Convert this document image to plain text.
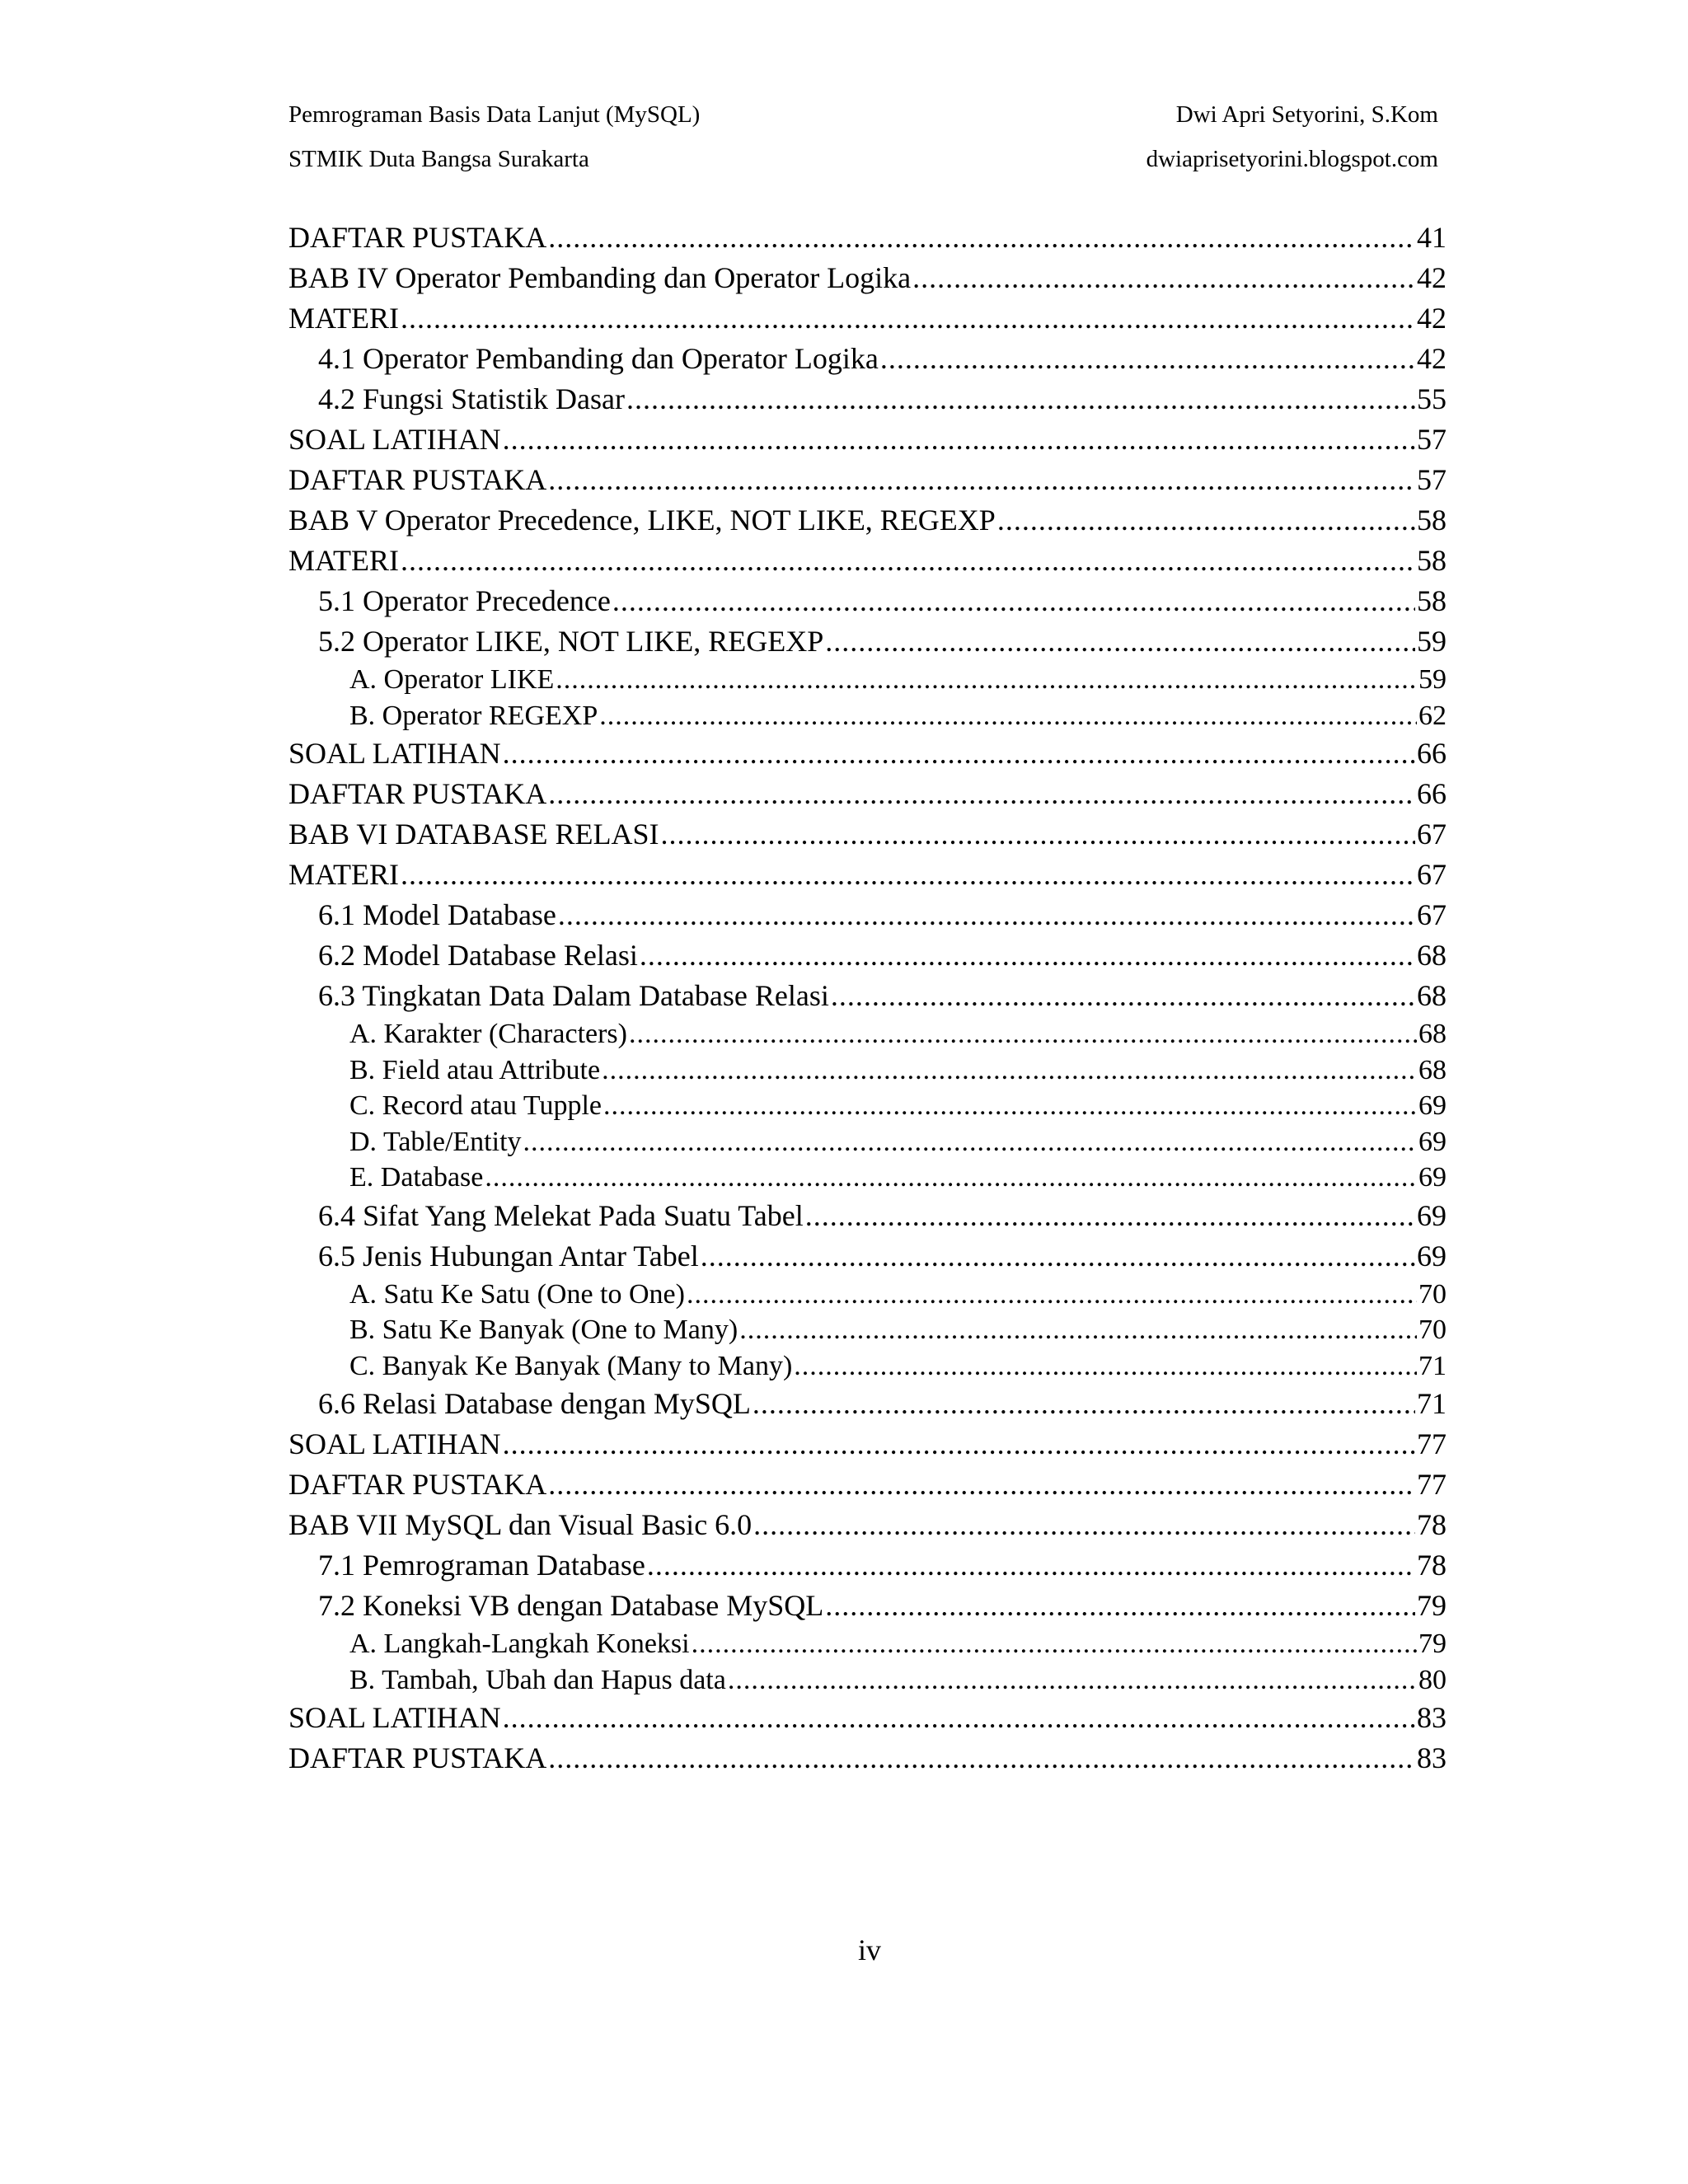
Pemrograman Basis Data Lanjut (MySQL)
STMIK Duta Bangsa Surakarta
Dwi Apri Setyorini, S.Kom
dwiaprisetyorini.blogspot.com
DAFTAR PUSTAKA .....	41
BAB IV Operator Pembanding dan Operator Logika .....	42
MATERI .....	42
4.1 Operator Pembanding dan Operator Logika .....	42
4.2 Fungsi Statistik Dasar .....	55
SOAL LATIHAN .....	57
DAFTAR PUSTAKA .....	57
BAB V Operator Precedence, LIKE, NOT LIKE, REGEXP .....	58
MATERI .....	58
5.1 Operator Precedence .....	58
5.2 Operator LIKE, NOT LIKE, REGEXP .....	59
A. Operator LIKE .....	59
B. Operator REGEXP .....	62
SOAL LATIHAN .....	66
DAFTAR PUSTAKA .....	66
BAB VI DATABASE RELASI .....	67
MATERI .....	67
6.1 Model Database .....	67
6.2 Model Database Relasi .....	68
6.3 Tingkatan Data Dalam Database Relasi .....	68
A. Karakter (Characters) .....	68
B. Field atau Attribute .....	68
C. Record atau Tupple .....	69
D. Table/Entity .....	69
E. Database .....	69
6.4 Sifat Yang Melekat Pada Suatu Tabel .....	69
6.5 Jenis Hubungan Antar Tabel .....	69
A. Satu Ke Satu (One to One) .....	70
B. Satu Ke Banyak (One to Many) .....	70
C. Banyak Ke Banyak (Many to Many) .....	71
6.6 Relasi Database dengan MySQL .....	71
SOAL LATIHAN .....	77
DAFTAR PUSTAKA .....	77
BAB VII MySQL dan Visual Basic 6.0 .....	78
7.1 Pemrograman Database .....	78
7.2 Koneksi VB dengan Database MySQL .....	79
A. Langkah-Langkah Koneksi .....	79
B. Tambah, Ubah dan Hapus data .....	80
SOAL LATIHAN .....	83
DAFTAR PUSTAKA .....	83
iv
